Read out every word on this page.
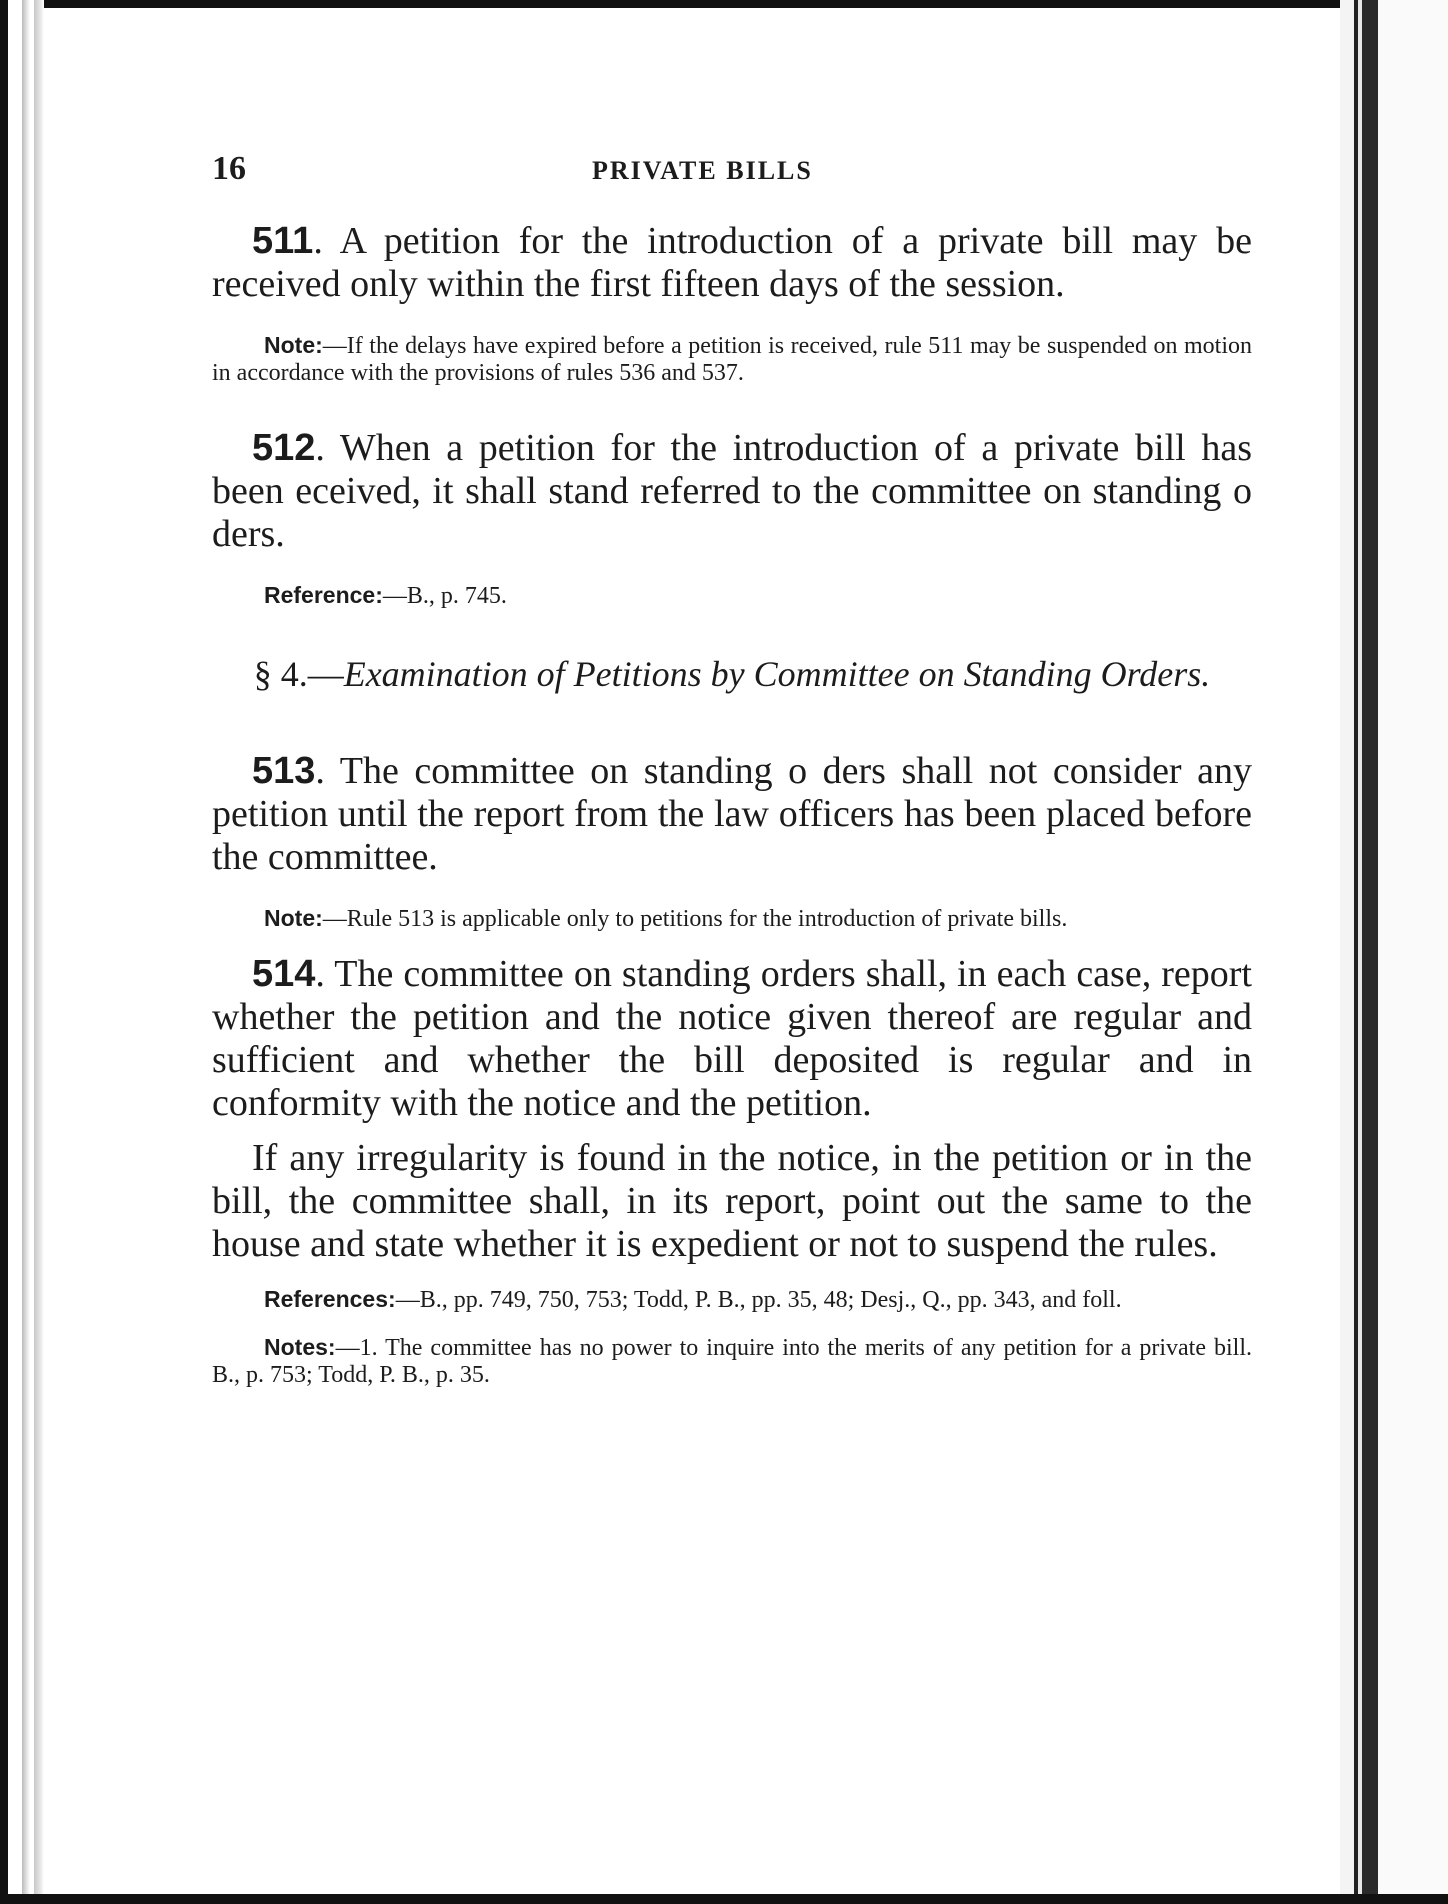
16	PRIVATE BILLS

511. A petition for the introduction of a private bill may be received only within the first fifteen days of the session.

Note:—If the delays have expired before a petition is received, rule 511 may be suspended on motion in accordance with the provisions of rules 536 and 537.

512. When a petition for the introduction of a private bill has been eceived, it shall stand referred to the committee on standing o ders.

Reference:—B., p. 745.

§ 4.—Examination of Petitions by Committee on Standing Orders.

513. The committee on standing o ders shall not consider any petition until the report from the law officers has been placed before the committee.

Note:—Rule 513 is applicable only to petitions for the introduction of private bills.

514. The committee on standing orders shall, in each case, report whether the petition and the notice given thereof are regular and sufficient and whether the bill deposited is regular and in conformity with the notice and the petition.

If any irregularity is found in the notice, in the petition or in the bill, the committee shall, in its report, point out the same to the house and state whether it is expedient or not to suspend the rules.

References:—B., pp. 749, 750, 753; Todd, P. B., pp. 35, 48; Desj., Q., pp. 343, and foll.

Notes:—1. The committee has no power to inquire into the merits of any petition for a private bill. B., p. 753; Todd, P. B., p. 35.
